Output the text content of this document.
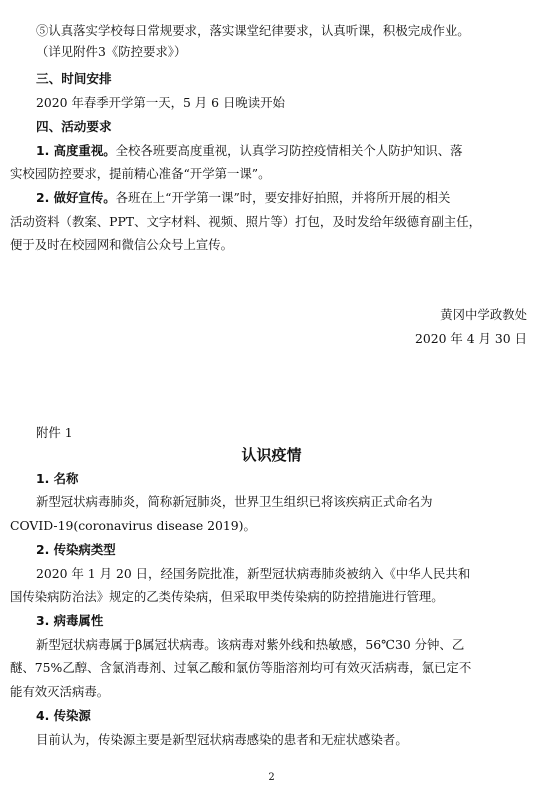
⑤认真落实学校每日常规要求，落实课堂纪律要求，认真听课，积极完成作业。
（详见附件3《防控要求》）
三、时间安排
2020 年春季开学第一天，5 月 6 日晚读开始
四、活动要求
1. 高度重视。全校各班要高度重视，认真学习防控疫情相关个人防护知识、落
实校园防控要求，提前精心准备“开学第一课”。
2. 做好宣传。各班在上“开学第一课”时，要安排好拍照，并将所开展的相关
活动资料（教案、PPT、文字材料、视频、照片等）打包，及时发给年级德育副主任，
便于及时在校园网和微信公众号上宣传。
黄冈中学政教处
2020 年 4 月 30 日
附件 1
认识疫情
1. 名称
新型冠状病毒肺炎，简称新冠肺炎，世界卫生组织已将该疾病正式命名为
COVID-19(coronavirus disease 2019)。
2. 传染病类型
2020 年 1 月 20 日，经国务院批准，新型冠状病毒肺炎被纳入《中华人民共和
国传染病防治法》规定的乙类传染病，但采取甲类传染病的防控措施进行管理。
3. 病毒属性
新型冠状病毒属于β属冠状病毒。该病毒对紫外线和热敏感，56℃30 分钟、乙
醚、75%乙醇、含氯消毒剂、过氧乙酸和氯仿等脂溶剂均可有效灭活病毒，氯已定不
能有效灭活病毒。
4. 传染源
目前认为，传染源主要是新型冠状病毒感染的患者和无症状感染者。
2
